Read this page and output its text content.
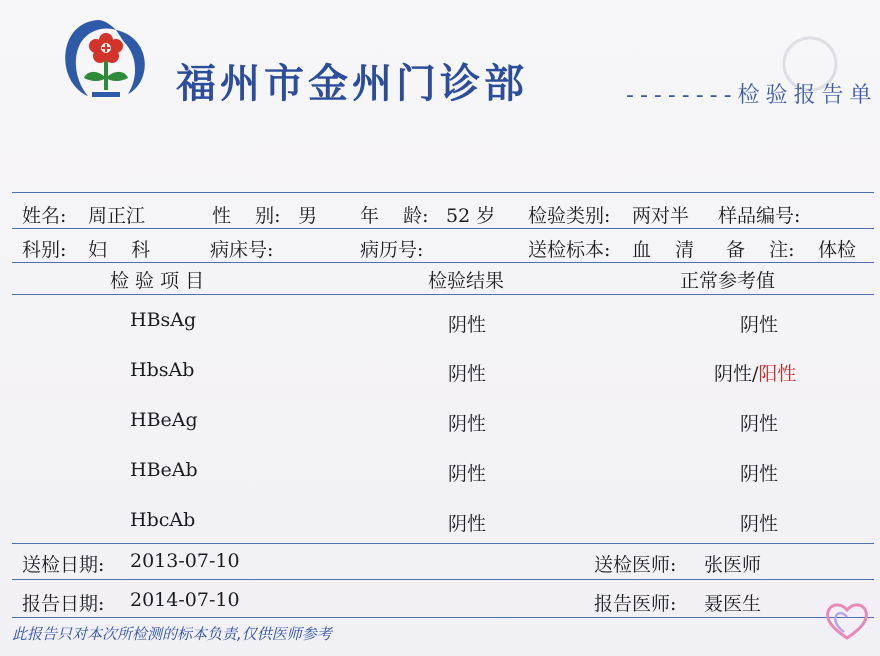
福州市金州门诊部	--------检验报告单
姓名: 周正江	性    别: 男 年    龄: 52 岁 检验类别: 两对半 样品编号:
科别: 妇    科	病床号:	病历号:	送检标本: 血    清 备    注: 体检
检 验 项 目	检验结果	正常参考值
HBsAg	阴性	阴性
HbsAb	阴性	阴性/阳性
HBeAg	阴性	阴性
HBeAb	阴性	阴性
HbcAb	阴性	阴性
送检日期: 2013-07-10	送检医师: 张医师
报告日期: 2014-07-10	报告医师: 聂医生
此报告只对本次所检测的标本负责,仅供医师参考
